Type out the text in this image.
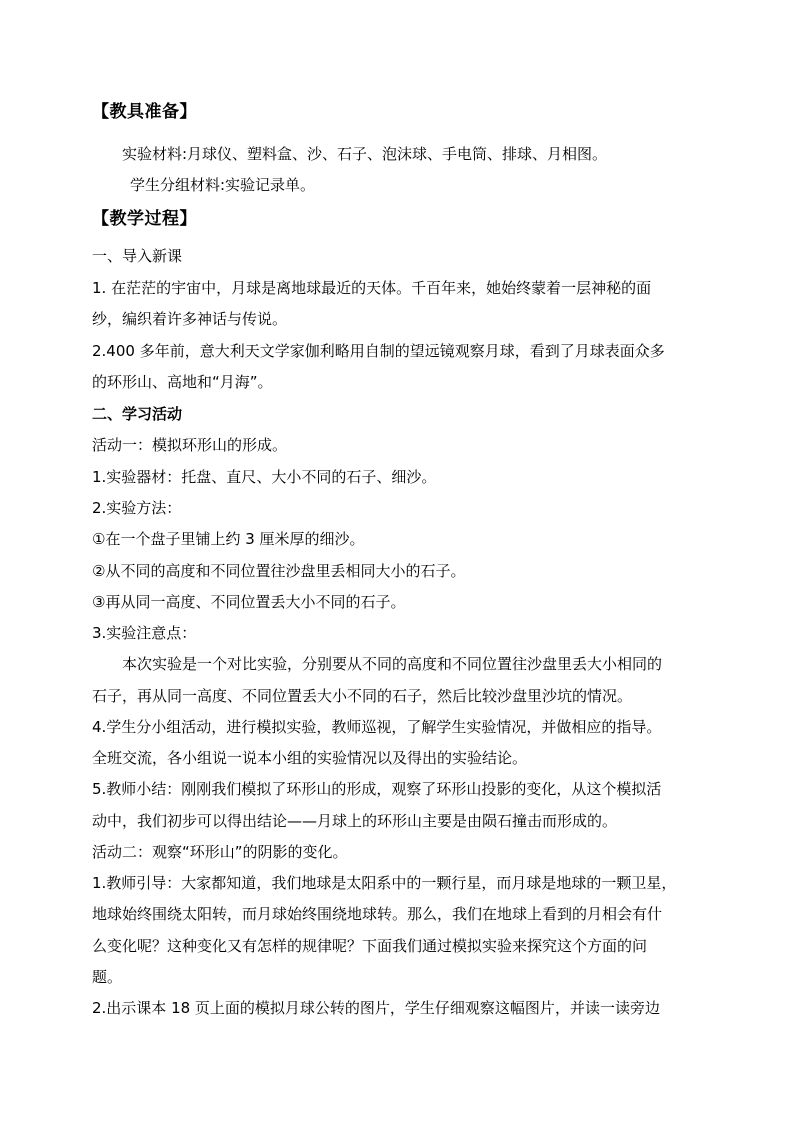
【教具准备】
实验材料:月球仪、塑料盒、沙、石子、泡沫球、手电筒、排球、月相图。
学生分组材料:实验记录单。
【教学过程】
一、导入新课
1. 在茫茫的宇宙中，月球是离地球最近的天体。千百年来，她始终蒙着一层神秘的面
纱，编织着许多神话与传说。
2.400 多年前，意大利天文学家伽利略用自制的望远镜观察月球，看到了月球表面众多
的环形山、高地和“月海”。
二、学习活动
活动一：模拟环形山的形成。
1.实验器材：托盘、直尺、大小不同的石子、细沙。
2.实验方法：
①在一个盘子里铺上约 3 厘米厚的细沙。
②从不同的高度和不同位置往沙盘里丢相同大小的石子。
③再从同一高度、不同位置丢大小不同的石子。
3.实验注意点：
本次实验是一个对比实验，分别要从不同的高度和不同位置往沙盘里丢大小相同的
石子，再从同一高度、不同位置丢大小不同的石子，然后比较沙盘里沙坑的情况。
4.学生分小组活动，进行模拟实验，教师巡视，了解学生实验情况，并做相应的指导。
全班交流，各小组说一说本小组的实验情况以及得出的实验结论。
5.教师小结：刚刚我们模拟了环形山的形成，观察了环形山投影的变化，从这个模拟活
动中，我们初步可以得出结论——月球上的环形山主要是由陨石撞击而形成的。
活动二：观察“环形山”的阴影的变化。
1.教师引导：大家都知道，我们地球是太阳系中的一颗行星，而月球是地球的一颗卫星，
地球始终围绕太阳转，而月球始终围绕地球转。那么，我们在地球上看到的月相会有什
么变化呢？这种变化又有怎样的规律呢？下面我们通过模拟实验来探究这个方面的问
题。
2.出示课本 18 页上面的模拟月球公转的图片，学生仔细观察这幅图片，并读一读旁边
